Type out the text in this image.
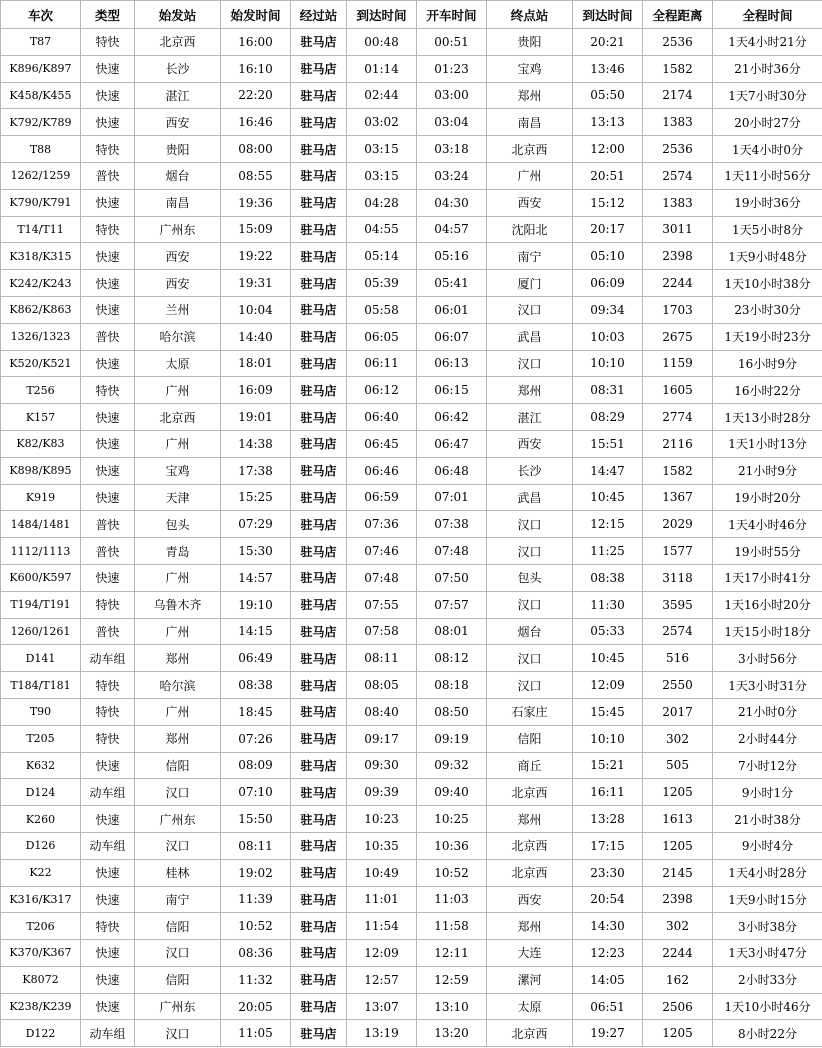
车次	类型	始发站	始发时间	经过站	到达时间	开车时间	终点站	到达时间	全程距离	全程时间
T87	特快	北京西	16:00	驻马店	00:48	00:51	贵阳	20:21	2536	1天4小时21分
K896/K897	快速	长沙	16:10	驻马店	01:14	01:23	宝鸡	13:46	1582	21小时36分
K458/K455	快速	湛江	22:20	驻马店	02:44	03:00	郑州	05:50	2174	1天7小时30分
K792/K789	快速	西安	16:46	驻马店	03:02	03:04	南昌	13:13	1383	20小时27分
T88	特快	贵阳	08:00	驻马店	03:15	03:18	北京西	12:00	2536	1天4小时0分
1262/1259	普快	烟台	08:55	驻马店	03:15	03:24	广州	20:51	2574	1天11小时56分
K790/K791	快速	南昌	19:36	驻马店	04:28	04:30	西安	15:12	1383	19小时36分
T14/T11	特快	广州东	15:09	驻马店	04:55	04:57	沈阳北	20:17	3011	1天5小时8分
K318/K315	快速	西安	19:22	驻马店	05:14	05:16	南宁	05:10	2398	1天9小时48分
K242/K243	快速	西安	19:31	驻马店	05:39	05:41	厦门	06:09	2244	1天10小时38分
K862/K863	快速	兰州	10:04	驻马店	05:58	06:01	汉口	09:34	1703	23小时30分
1326/1323	普快	哈尔滨	14:40	驻马店	06:05	06:07	武昌	10:03	2675	1天19小时23分
K520/K521	快速	太原	18:01	驻马店	06:11	06:13	汉口	10:10	1159	16小时9分
T256	特快	广州	16:09	驻马店	06:12	06:15	郑州	08:31	1605	16小时22分
K157	快速	北京西	19:01	驻马店	06:40	06:42	湛江	08:29	2774	1天13小时28分
K82/K83	快速	广州	14:38	驻马店	06:45	06:47	西安	15:51	2116	1天1小时13分
K898/K895	快速	宝鸡	17:38	驻马店	06:46	06:48	长沙	14:47	1582	21小时9分
K919	快速	天津	15:25	驻马店	06:59	07:01	武昌	10:45	1367	19小时20分
1484/1481	普快	包头	07:29	驻马店	07:36	07:38	汉口	12:15	2029	1天4小时46分
1112/1113	普快	青岛	15:30	驻马店	07:46	07:48	汉口	11:25	1577	19小时55分
K600/K597	快速	广州	14:57	驻马店	07:48	07:50	包头	08:38	3118	1天17小时41分
T194/T191	特快	乌鲁木齐	19:10	驻马店	07:55	07:57	汉口	11:30	3595	1天16小时20分
1260/1261	普快	广州	14:15	驻马店	07:58	08:01	烟台	05:33	2574	1天15小时18分
D141	动车组	郑州	06:49	驻马店	08:11	08:12	汉口	10:45	516	3小时56分
T184/T181	特快	哈尔滨	08:38	驻马店	08:05	08:18	汉口	12:09	2550	1天3小时31分
T90	特快	广州	18:45	驻马店	08:40	08:50	石家庄	15:45	2017	21小时0分
T205	特快	郑州	07:26	驻马店	09:17	09:19	信阳	10:10	302	2小时44分
K632	快速	信阳	08:09	驻马店	09:30	09:32	商丘	15:21	505	7小时12分
D124	动车组	汉口	07:10	驻马店	09:39	09:40	北京西	16:11	1205	9小时1分
K260	快速	广州东	15:50	驻马店	10:23	10:25	郑州	13:28	1613	21小时38分
D126	动车组	汉口	08:11	驻马店	10:35	10:36	北京西	17:15	1205	9小时4分
K22	快速	桂林	19:02	驻马店	10:49	10:52	北京西	23:30	2145	1天4小时28分
K316/K317	快速	南宁	11:39	驻马店	11:01	11:03	西安	20:54	2398	1天9小时15分
T206	特快	信阳	10:52	驻马店	11:54	11:58	郑州	14:30	302	3小时38分
K370/K367	快速	汉口	08:36	驻马店	12:09	12:11	大连	12:23	2244	1天3小时47分
K8072	快速	信阳	11:32	驻马店	12:57	12:59	漯河	14:05	162	2小时33分
K238/K239	快速	广州东	20:05	驻马店	13:07	13:10	太原	06:51	2506	1天10小时46分
D122	动车组	汉口	11:05	驻马店	13:19	13:20	北京西	19:27	1205	8小时22分
